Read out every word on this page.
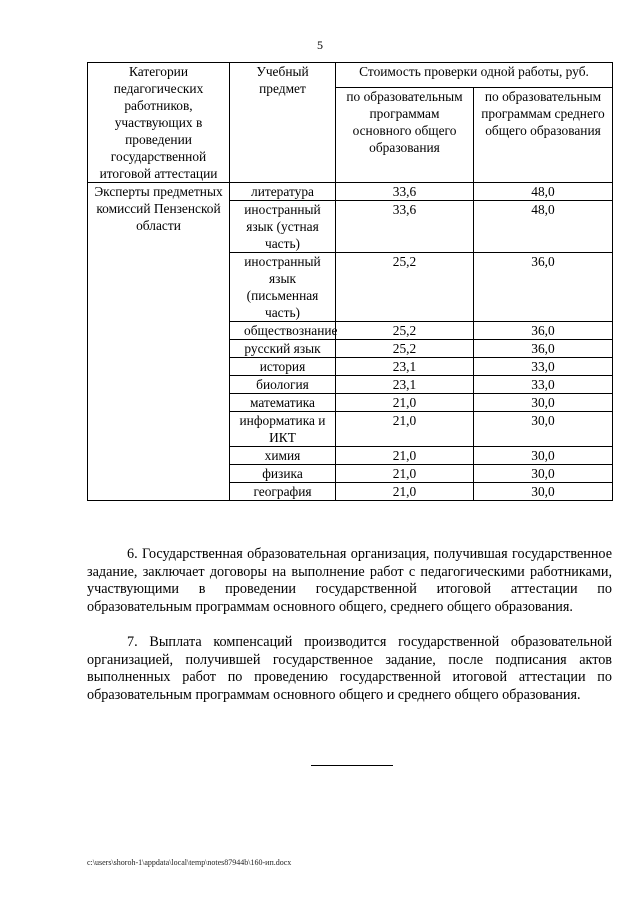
5
Категории педагогических работников, участвующих в проведении государственной итоговой аттестации	Учебный предмет	Стоимость проверки одной работы, руб.	
		по образовательным программам основного общего образования	по образовательным программам среднего общего образования
Эксперты предметных комиссий Пензенской области	литература	33,6	48,0
	иностранный язык (устная часть)	33,6	48,0
	иностранный язык (письменная часть)	25,2	36,0
	обществознание	25,2	36,0
	русский язык	25,2	36,0
	история	23,1	33,0
	биология	23,1	33,0
	математика	21,0	30,0
	информатика и ИКТ	21,0	30,0
	химия	21,0	30,0
	физика	21,0	30,0
	география	21,0	30,0
6. Государственная образовательная организация, получившая государственное задание, заключает договоры на выполнение работ с педагогическими работниками, участвующими в проведении государственной итоговой аттестации по образовательным программам основного общего, среднего общего образования.
7. Выплата компенсаций производится государственной образовательной организацией, получившей государственное задание, после подписания актов выполненных работ по проведению государственной итоговой аттестации по образовательным программам основного общего и среднего общего образования.
c:\users\shoroh-1\appdata\local\temp\notes87944b\160-ип.docx
